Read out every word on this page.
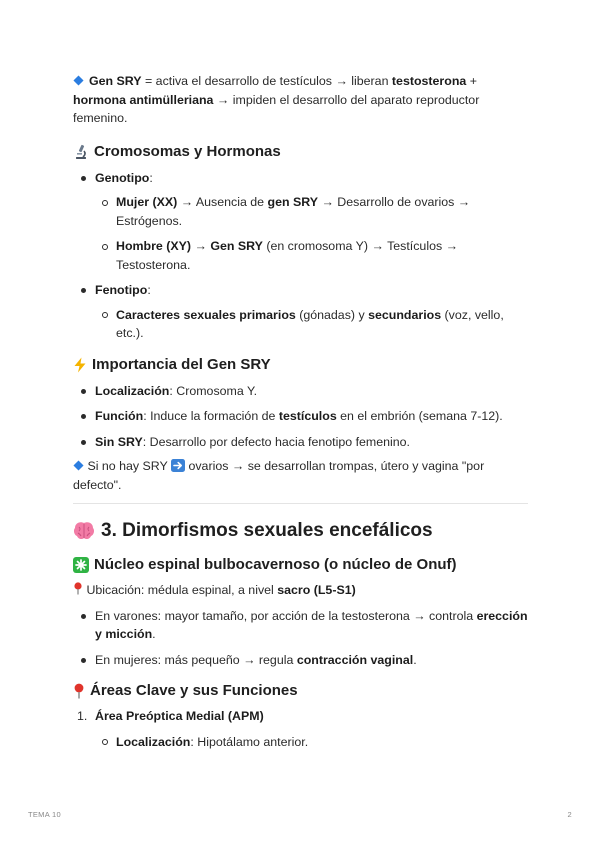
Gen SRY = activa el desarrollo de testículos → liberan testosterona + hormona antimülleriana → impiden el desarrollo del aparato reproductor femenino.

Cromosomas y Hormonas
Genotipo:
Mujer (XX) → Ausencia de gen SRY → Desarrollo de ovarios → Estrógenos.
Hombre (XY) → Gen SRY (en cromosoma Y) → Testículos → Testosterona.
Fenotipo:
Caracteres sexuales primarios (gónadas) y secundarios (voz, vello, etc.).
Importancia del Gen SRY
Localización: Cromosoma Y.
Función: Induce la formación de testículos en el embrión (semana 7-12).
Sin SRY: Desarrollo por defecto hacia fenotipo femenino.

Si no hay SRY
ovarios → se desarrollan trompas, útero y vagina "por defecto".

3. Dimorfismos sexuales encefálicos
Núcleo espinal bulbocavernoso (o núcleo de Onuf)

Ubicación: médula espinal, a nivel sacro (L5-S1)

En varones: mayor tamaño, por acción de la testosterona → controla erección y micción.
En mujeres: más pequeño → regula contracción vaginal.
Áreas Clave y sus Funciones
1. Área Preóptica Medial (APM)
Localización: Hipotálamo anterior.
TEMA 10	2
